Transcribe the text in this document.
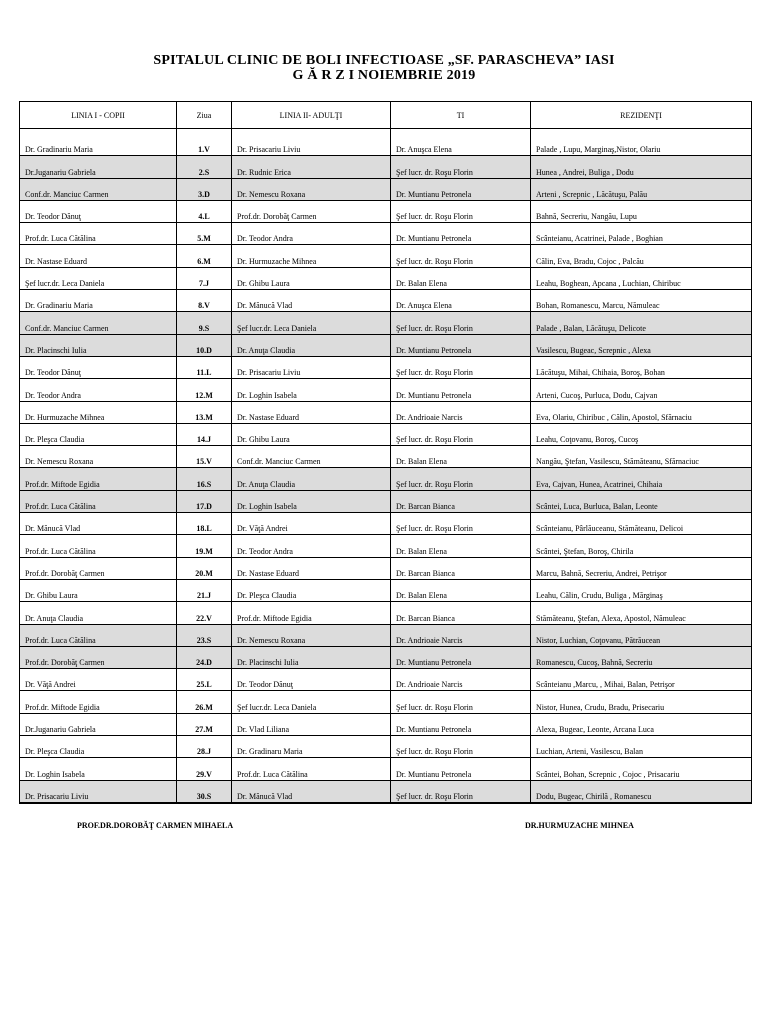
SPITALUL CLINIC DE BOLI INFECTIOASE „SF. PARASCHEVA” IASI
G Ă R Z I NOIEMBRIE 2019
LINIA I - COPII	Ziua	LINIA II- ADULŢI	TI	REZIDENŢI

Dr. Gradinariu Maria	1.V	Dr. Prisacariu Liviu	Dr. Anuşca Elena	Palade , Lupu, Marginaş,Nistor, Olariu
Dr.Juganariu Gabriela	2.S	Dr. Rudnic Erica	Şef lucr. dr. Roşu Florin	Hunea , Andrei, Buliga , Dodu
Conf.dr. Manciuc Carmen	3.D	Dr. Nemescu Roxana	Dr. Muntianu Petronela	Arteni , Screpnic , Lăcătuşu, Palău
Dr. Teodor Dănuţ	4.L	Prof.dr. Dorobăţ Carmen	Şef lucr. dr. Roşu Florin	Bahnă, Secreriu, Nangău, Lupu
Prof.dr. Luca Cătălina	5.M	Dr. Teodor Andra	Dr. Muntianu Petronela	Scânteianu, Acatrinei, Palade , Boghian
Dr. Nastase Eduard	6.M	Dr. Hurmuzache Mihnea	Şef lucr. dr. Roşu Florin	Călin, Eva, Bradu, Cojoc , Palcău
Şef lucr.dr. Leca Daniela	7.J	Dr. Ghibu Laura	Dr. Balan Elena	Leahu, Boghean, Apcana , Luchian, Chiribuc
Dr. Gradinariu Maria	8.V	Dr. Mănucă Vlad	Dr. Anuşca Elena	Bohan, Romanescu, Marcu, Nămuleac
Conf.dr. Manciuc Carmen	9.S	Şef lucr.dr. Leca Daniela	Şef lucr. dr. Roşu Florin	Palade , Balan, Lăcătuşu, Delicote
Dr. Placinschi Iulia	10.D	Dr. Anuţa Claudia	Dr. Muntianu Petronela	Vasilescu, Bugeac, Screpnic , Alexa
Dr. Teodor Dănuţ	11.L	Dr. Prisacariu Liviu	Şef lucr. dr. Roşu Florin	Lăcătuşu, Mihai, Chihaia, Boroş, Bohan
Dr. Teodor Andra	12.M	Dr. Loghin Isabela	Dr. Muntianu Petronela	Arteni, Cucoş, Purluca, Dodu, Cajvan
Dr. Hurmuzache Mihnea	13.M	Dr. Nastase Eduard	Dr. Andrioaie Narcis	Eva, Olariu, Chiribuc , Călin, Apostol, Sfărnaciu
Dr. Pleşca Claudia	14.J	Dr. Ghibu Laura	Şef lucr. dr. Roşu Florin	Leahu, Coţovanu, Boroş, Cucoş
Dr. Nemescu Roxana	15.V	Conf.dr. Manciuc Carmen	Dr. Balan Elena	Nangău, Ştefan, Vasilescu, Stămăteanu, Sfărnaciuc
Prof.dr. Miftode Egidia	16.S	Dr. Anuţa Claudia	Şef lucr. dr. Roşu Florin	Eva, Cajvan, Hunea, Acatrinei, Chihaia
Prof.dr. Luca Cătălina	17.D	Dr. Loghin Isabela	Dr. Barcan Bianca	Scântei, Luca, Burluca, Balan, Leonte
Dr. Mănucă Vlad	18.L	Dr. Văţă Andrei	Şef lucr. dr. Roşu Florin	Scânteianu, Pârlăuceanu, Stămăteanu, Delicoi
Prof.dr. Luca Cătălina	19.M	Dr. Teodor Andra	Dr. Balan Elena	Scântei, Ştefan, Boroş, Chirila
Prof.dr. Dorobăţ Carmen	20.M	Dr. Nastase Eduard	Dr. Barcan Bianca	Marcu, Bahnă, Secreriu, Andrei, Petrişor
Dr. Ghibu Laura	21.J	Dr. Pleşca Claudia	Dr. Balan Elena	Leahu, Călin, Crudu, Buliga , Mărginaş
Dr. Anuţa Claudia	22.V	Prof.dr. Miftode Egidia	Dr. Barcan Bianca	Stămăteanu, Ştefan, Alexa, Apostol, Nămuleac
Prof.dr. Luca Cătălina	23.S	Dr. Nemescu Roxana	Dr. Andrioaie Narcis	Nistor, Luchian, Coţovanu, Pătrăucean
Prof.dr. Dorobăţ Carmen	24.D	Dr. Placinschi Iulia	Dr. Muntianu Petronela	Romanescu, Cucoş, Bahnă, Secreriu
Dr. Văţă Andrei	25.L	Dr. Teodor Dănuţ	Dr. Andrioaie Narcis	Scânteianu ,Marcu, , Mihai, Balan, Petrişor
Prof.dr. Miftode Egidia	26.M	Şef lucr.dr. Leca Daniela	Şef lucr. dr. Roşu Florin	Nistor, Hunea, Crudu, Bradu, Prisecariu
Dr.Juganariu Gabriela	27.M	Dr. Vlad Liliana	Dr. Muntianu Petronela	Alexa, Bugeac, Leonte, Arcana Luca
Dr. Pleşca Claudia	28.J	Dr. Gradinaru Maria	Şef lucr. dr. Roşu Florin	Luchian, Arteni, Vasilescu, Balan
Dr. Loghin Isabela	29.V	Prof.dr. Luca Cătălina	Dr. Muntianu Petronela	Scântei, Bohan, Screpnic , Cojoc , Prisacariu
Dr. Prisacariu Liviu	30.S	Dr. Mănucă Vlad	Şef lucr. dr. Roşu Florin	Dodu, Bugeac, Chirilă , Romanescu
PROF.DR.DOROBĂŢ CARMEN MIHAELA	DR.HURMUZACHE MIHNEA
